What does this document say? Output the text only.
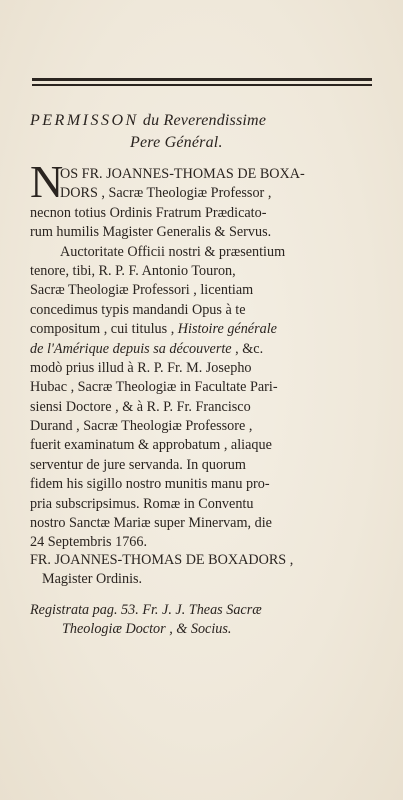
PERMISSON du Reverendissime
Pere Général.
N
OS FR. JOANNES-THOMAS DE BOXA-
DORS , Sacræ Theologiæ Professor ,
necnon totius Ordinis Fratrum Prædicato-
rum humilis Magister Generalis & Servus.
Auctoritate Officii nostri & præsentium
tenore, tibi, R. P. F. Antonio Touron,
Sacræ Theologiæ Professori , licentiam
concedimus typis mandandi Opus à te
compositum , cui titulus , Histoire générale
de l'Amérique depuis sa découverte , &c.
modò prius illud à R. P. Fr. M. Josepho
Hubac , Sacræ Theologiæ in Facultate Pari-
siensi Doctore , & à R. P. Fr. Francisco
Durand , Sacræ Theologiæ Professore ,
fuerit examinatum & approbatum , aliaque
serventur de jure servanda. In quorum
fidem his sigillo nostro munitis manu pro-
pria subscripsimus. Romæ in Conventu
nostro Sanctæ Mariæ super Minervam, die
24 Septembris 1766.
FR. JOANNES-THOMAS DE BOXADORS ,
Magister Ordinis.
Registrata pag. 53. Fr. J. J. Theas Sacræ
Theologiæ Doctor , & Socius.
